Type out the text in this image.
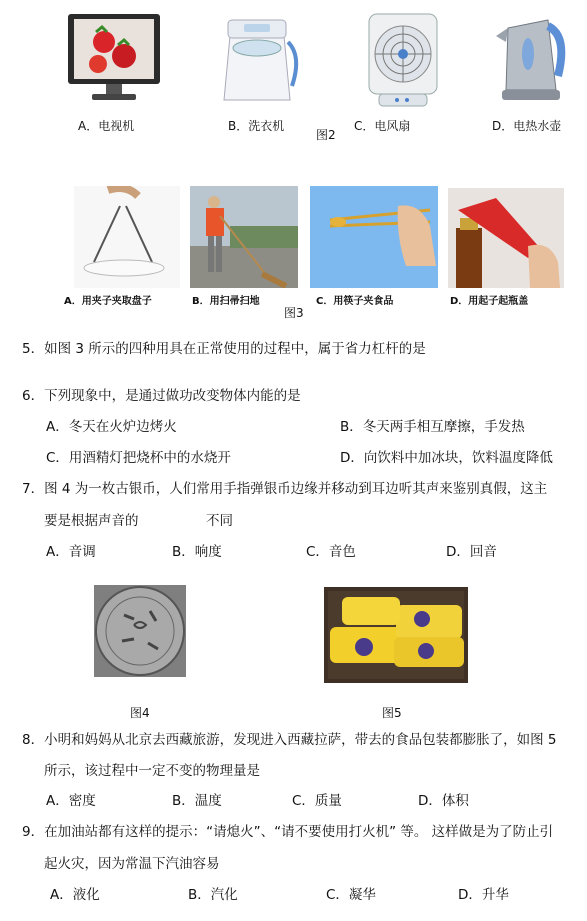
A．电视机	B．洗衣机
图2
C．电风扇	D．电热水壶
A．用夹子夹取盘子	B．用扫帚扫地
图3
C．用筷子夹食品	D．用起子起瓶盖
5．如图 3 所示的四种用具在正常使用的过程中，属于省力杠杆的是
6．下列现象中，是通过做功改变物体内能的是
A．冬天在火炉边烤火	B．冬天两手相互摩擦，手发热
C．用酒精灯把烧杯中的水烧开	D．向饮料中加冰块，饮料温度降低
7．图 4 为一枚古银币，人们常用手指弹银币边缘并移动到耳边听其声来鉴别真假，这主
要是根据声音的	不同
A．音调	B．响度	C．音色	D．回音
图4	图5
8．小明和妈妈从北京去西藏旅游，发现进入西藏拉萨，带去的食品包装都膨胀了，如图 5
所示，该过程中一定不变的物理量是
A．密度	B．温度	C．质量	D．体积
9．在加油站都有这样的提示：“请熄火”、“请不要使用打火机” 等。 这样做是为了防止引
起火灾，因为常温下汽油容易
A．液化	B．汽化	C．凝华	D．升华
